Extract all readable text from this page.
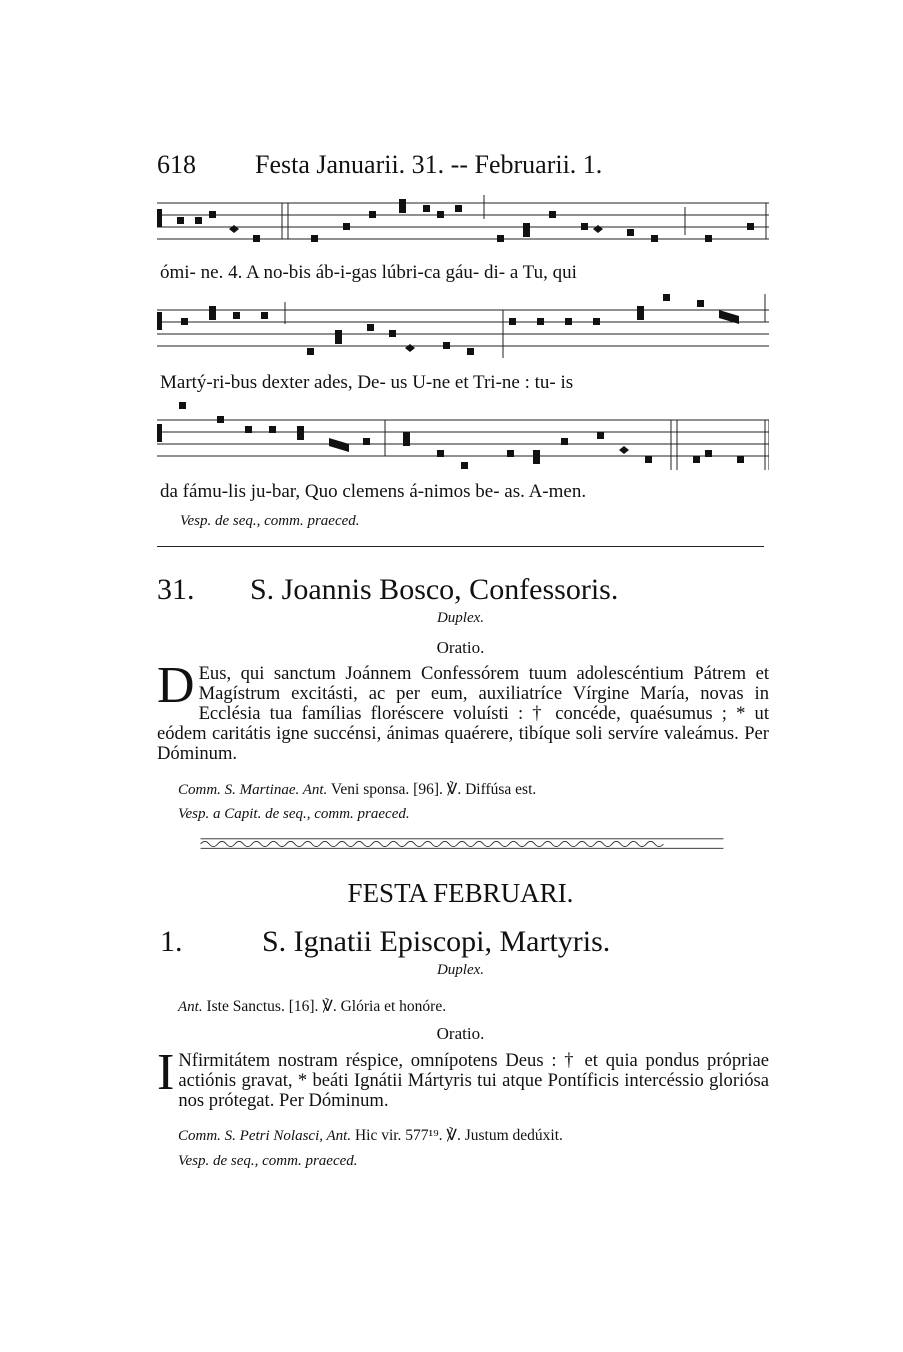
618 Festa Januarii. 31. -- Februarii. 1.
ómi- ne. 4. A no-bis áb-i-gas lúbri-ca gáu- di- a Tu, qui
Martý-ri-bus dexter ades, De- us U-ne et Tri-ne : tu- is
da fámu-lis ju-bar, Quo clemens á-nimos be- as. A-men.
Vesp. de seq., comm. praeced.
31. S. Joannis Bosco, Confessoris.
Duplex.
Oratio.
D Eus, qui sanctum Joánnem Confessórem tuum adolescéntium Pátrem et Magístrum excitásti, ac per eum, auxiliatríce Vírgine María, novas in Ecclésia tua famílias floréscere voluísti : † concéde, quaésumus ; * ut eódem caritátis igne succénsi, ánimas quaérere, tibíque soli servíre valeámus. Per Dóminum.
Comm. S. Martinae. Ant. Veni sponsa. [96]. ℣. Diffúsa est.
Vesp. a Capit. de seq., comm. praeced.
FESTA FEBRUARI.
1.	S. Ignatii Episcopi, Martyris.
Duplex.
Ant. Iste Sanctus. [16]. ℣. Glória et honóre.
Oratio.
I Nfirmitátem nostram réspice, omnípotens Deus : † et quia pondus própriae actiónis gravat, * beáti Ignátii Mártyris tui atque Pontíficis intercéssio gloriósa nos prótegat. Per Dóminum.
Comm. S. Petri Nolasci, Ant. Hic vir. 577¹⁹. ℣. Justum dedúxit.
Vesp. de seq., comm. praeced.
